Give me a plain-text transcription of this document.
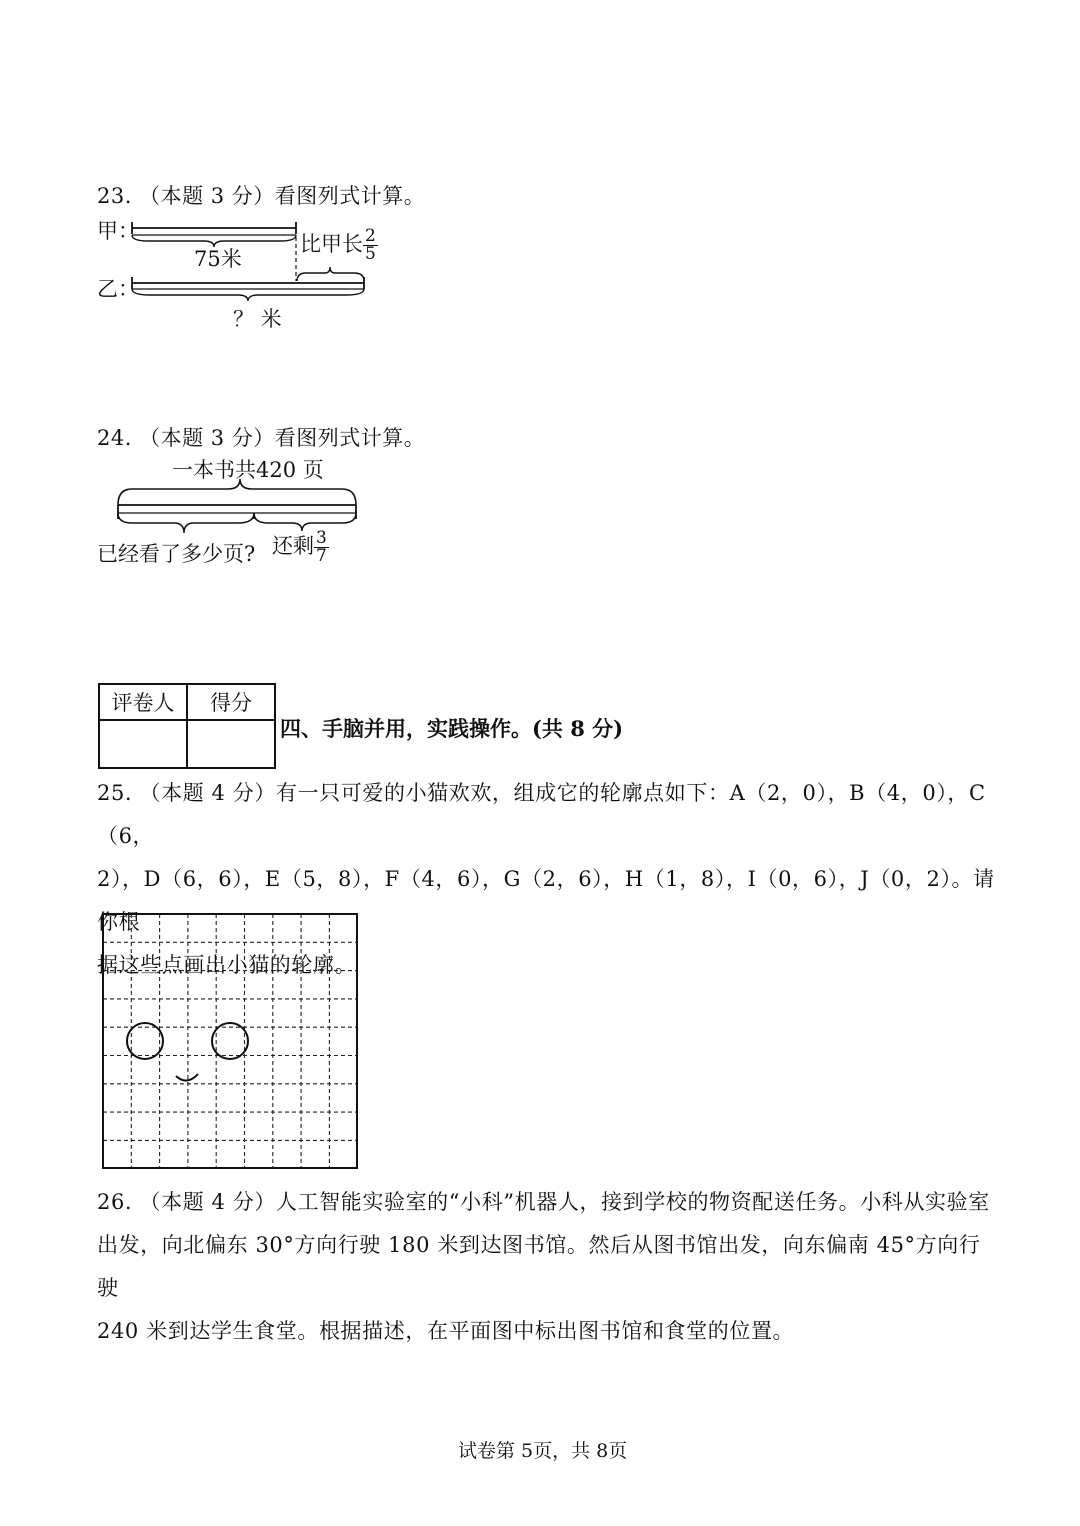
23. （本题 3 分）看图列式计算。
甲：
乙：
75米
比甲长 $\frac{2}{5}$
？ 米
24. （本题 3 分）看图列式计算。
一本书共420 页
已经看了多少页? 还剩 $\frac{3}{7}$
评卷人	得分

四、手脑并用，实践操作。(共 8 分)
25. （本题 4 分）有一只可爱的小猫欢欢，组成它的轮廓点如下：A（2，0），B（4，0），C（6，
2），D（6，6），E（5，8），F（4，6），G（2，6），H（1，8），I（0，6），J（0，2）。请你根
据这些点画出小猫的轮廓。
26. （本题 4 分）人工智能实验室的“小科”机器人，接到学校的物资配送任务。小科从实验室
出发，向北偏东 30°方向行驶 180 米到达图书馆。然后从图书馆出发，向东偏南 45°方向行驶
240 米到达学生食堂。根据描述，在平面图中标出图书馆和食堂的位置。
试卷第 5页，共 8页
